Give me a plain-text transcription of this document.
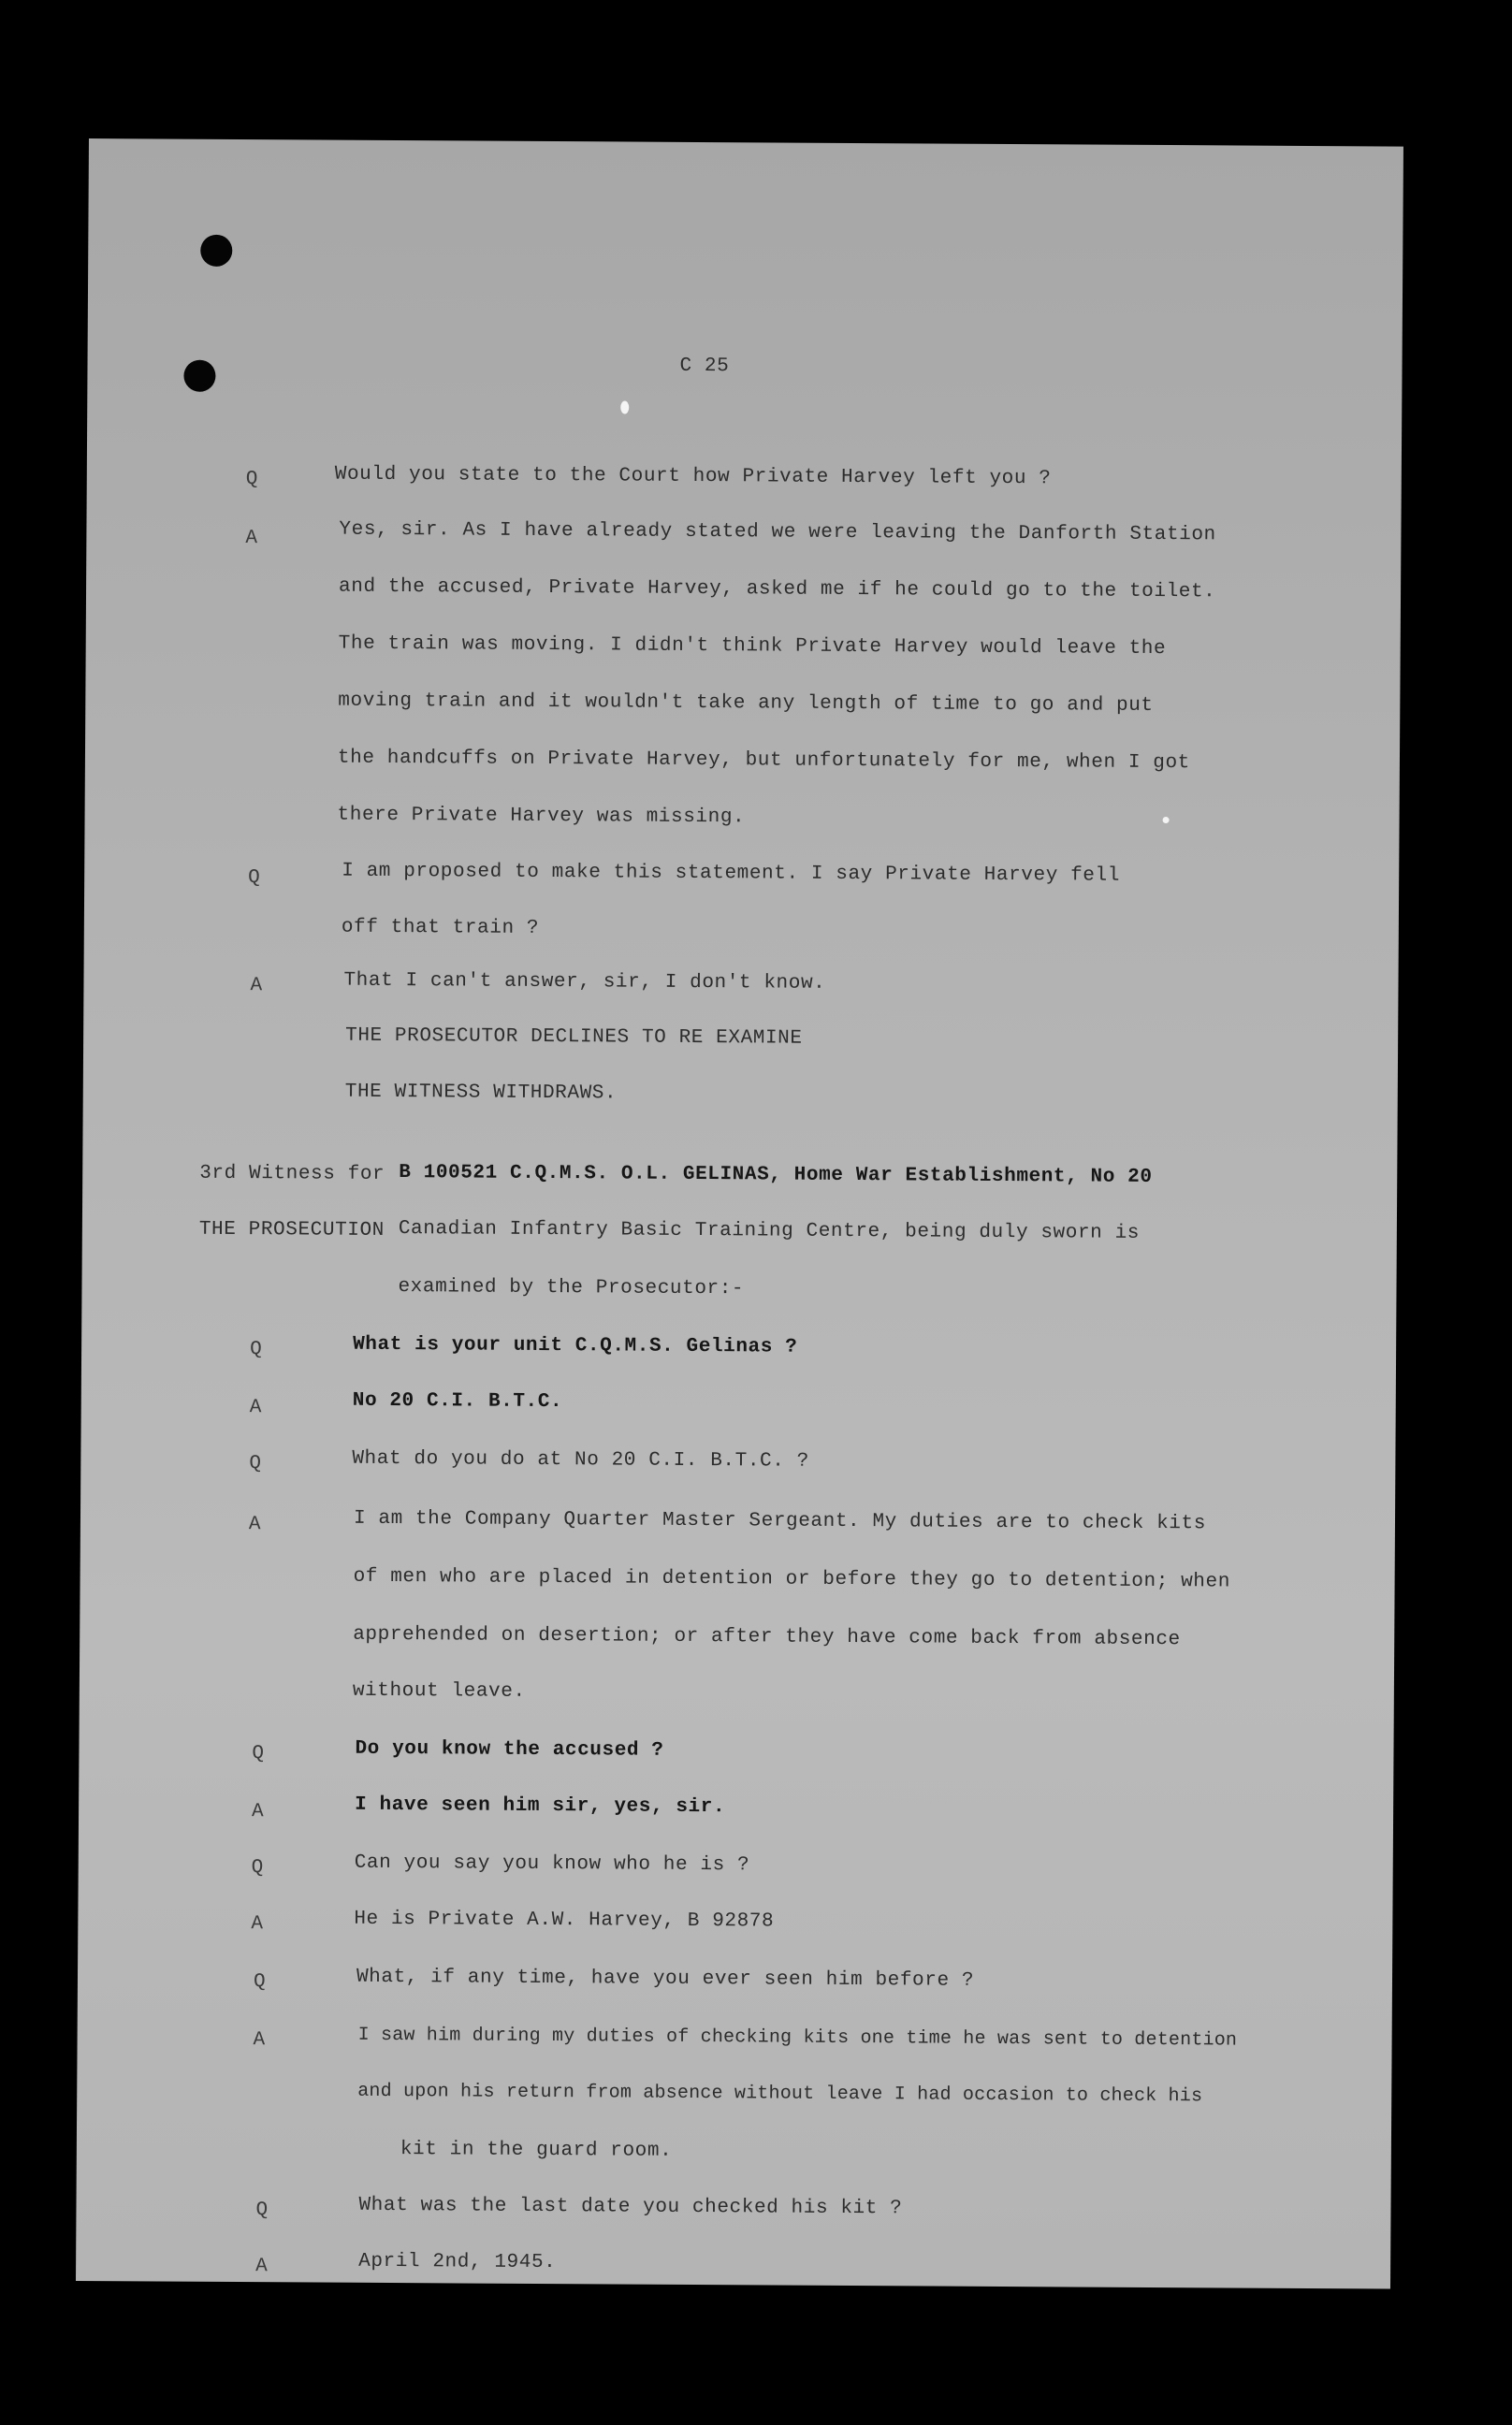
C 25
Q	Would you state to the Court how Private Harvey left you ?
A	Yes, sir. As I have already stated we were leaving the Danforth Station
and the accused, Private Harvey, asked me if he could go to the toilet.
The train was moving. I didn't think Private Harvey would leave the
moving train and it wouldn't take any length of time to go and put
the handcuffs on Private Harvey, but unfortunately for me, when I got
there Private Harvey was missing.
Q	I am proposed to make this statement. I say Private Harvey fell
off that train ?
A	That I can't answer, sir, I don't know.
THE PROSECUTOR DECLINES TO RE EXAMINE
THE WITNESS WITHDRAWS.
3rd Witness for
THE PROSECUTION
B 100521 C.Q.M.S. O.L. GELINAS, Home War Establishment, No 20
Canadian Infantry Basic Training Centre, being duly sworn is
examined by the Prosecutor:-
Q	What is your unit C.Q.M.S. Gelinas ?
A	No 20 C.I. B.T.C.
Q	What do you do at No 20 C.I. B.T.C. ?
A	I am the Company Quarter Master Sergeant. My duties are to check kits
of men who are placed in detention or before they go to detention; when
apprehended on desertion; or after they have come back from absence
without leave.
Q	Do you know the accused ?
A	I have seen him sir, yes, sir.
Q	Can you say you know who he is ?
A	He is Private A.W. Harvey, B 92878
Q	What, if any time, have you ever seen him before ?
A	I saw him during my duties of checking kits one time he was sent to detention
and upon his return from absence without leave I had occasion to check his
kit in the guard room.
Q	What was the last date you checked his kit ?
A	April 2nd, 1945.
